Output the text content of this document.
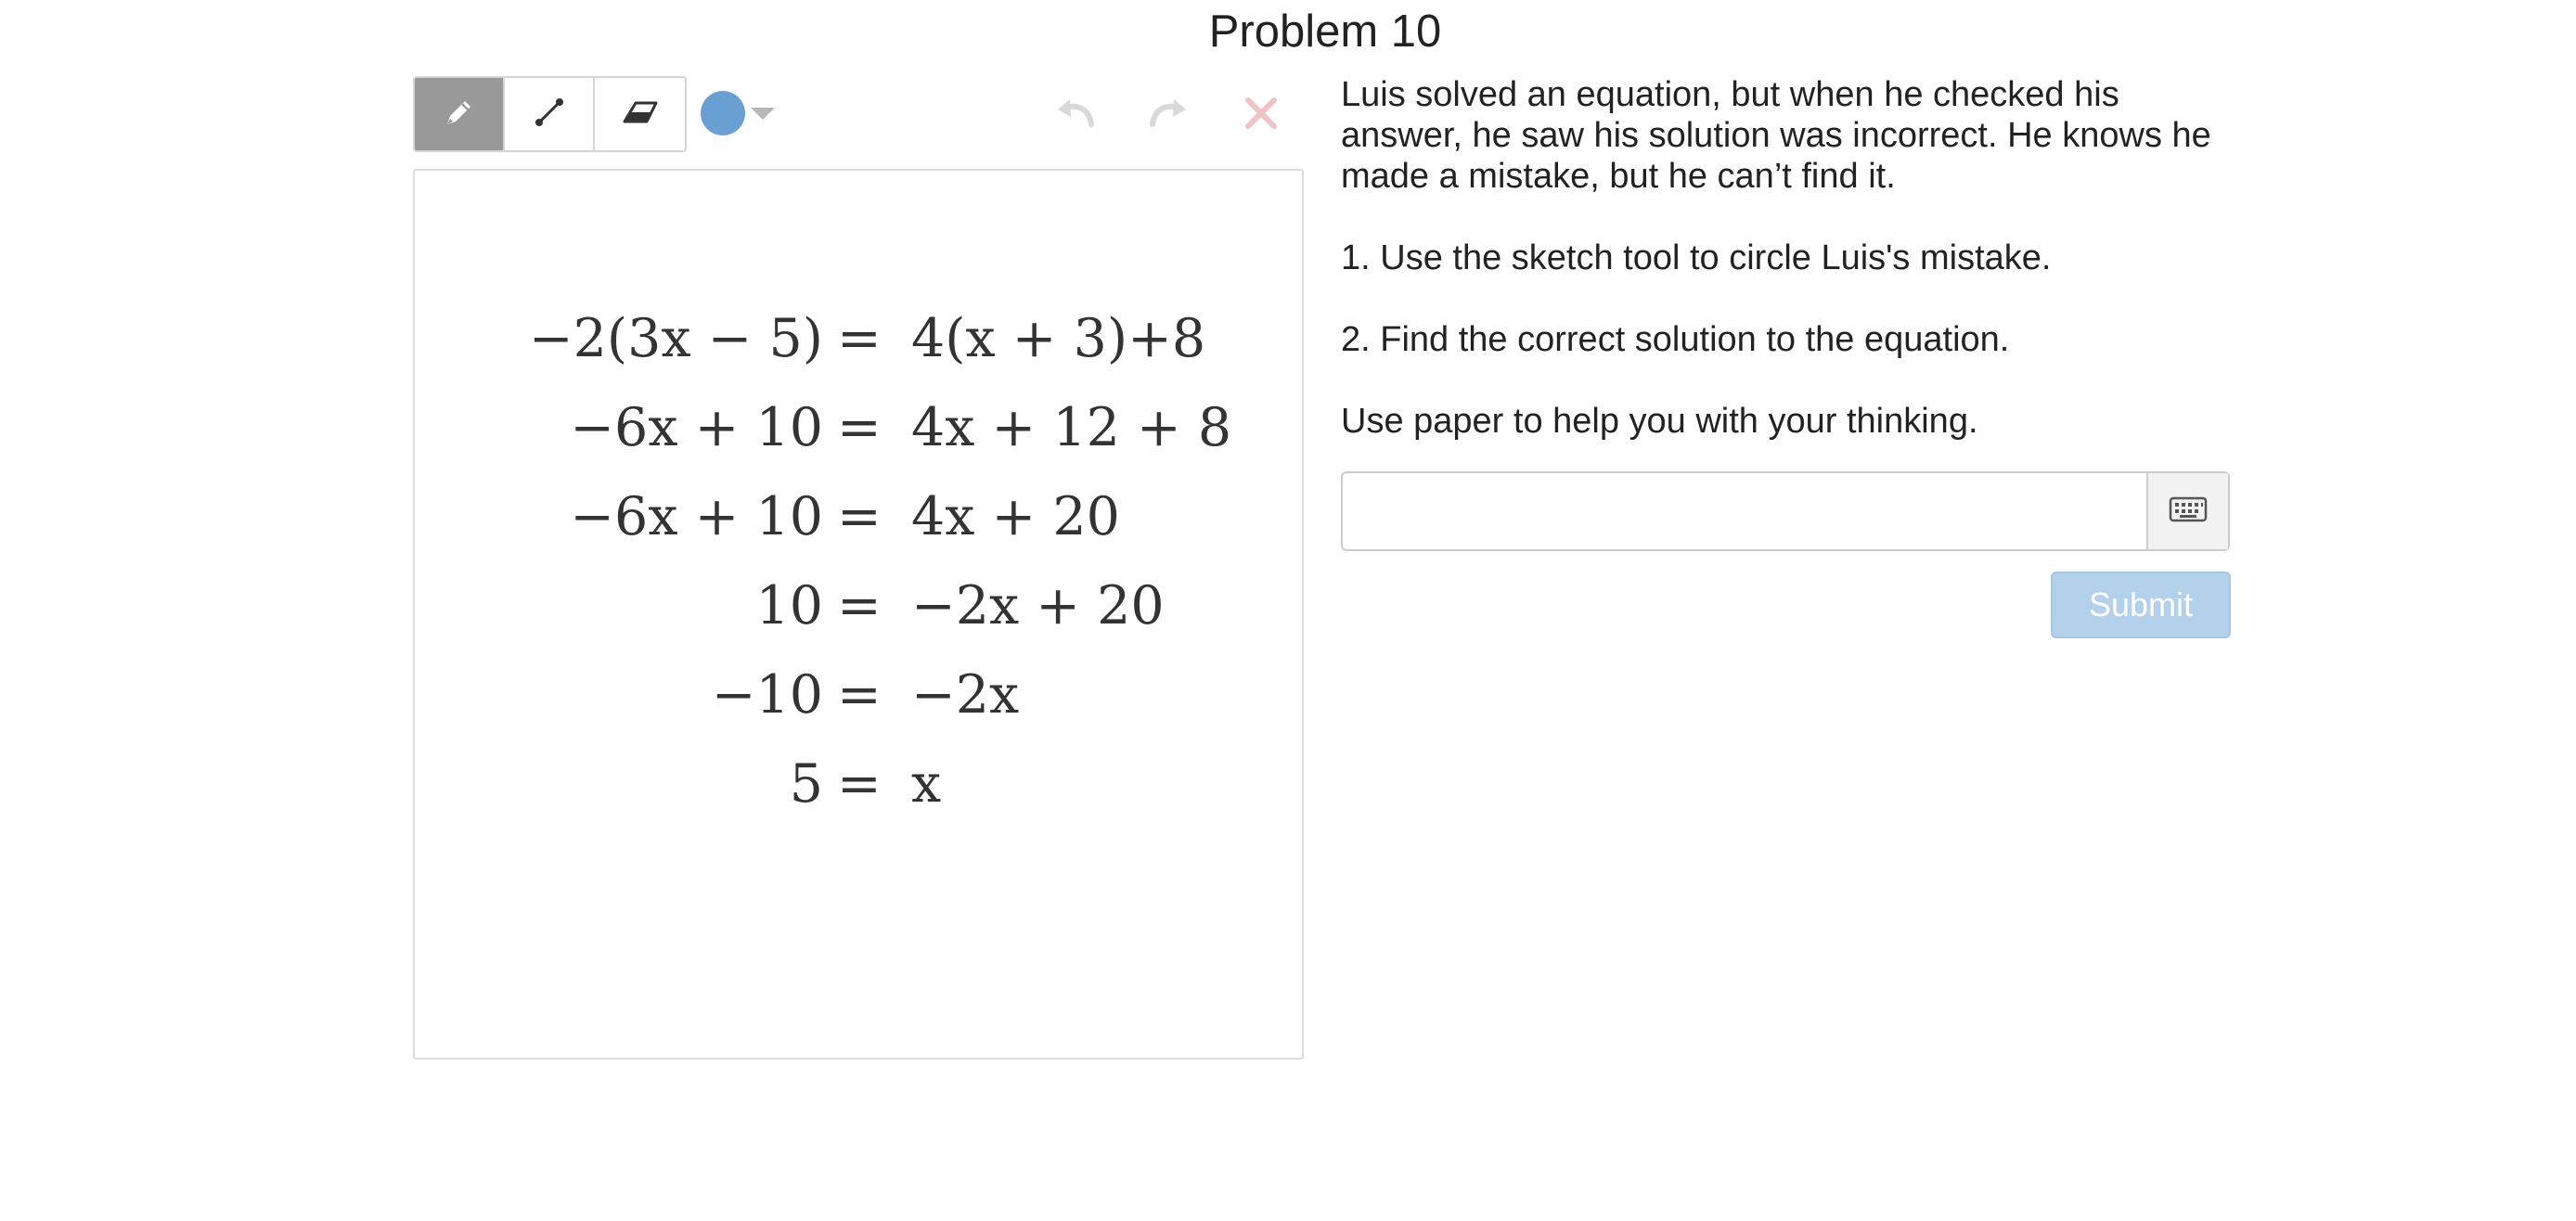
Problem 10
−2(3x − 5) = 4(x + 3)+8
−6x + 10 = 4x + 12 + 8
−6x + 10 = 4x + 20
10 = −2x + 20
−10 = −2x
5 = x

Luis solved an equation, but when he checked his answer, he saw his solution was incorrect. He knows he made a mistake, but he can’t find it.

1. Use the sketch tool to circle Luis's mistake.

2. Find the correct solution to the equation.

Use paper to help you with your thinking.

Submit
